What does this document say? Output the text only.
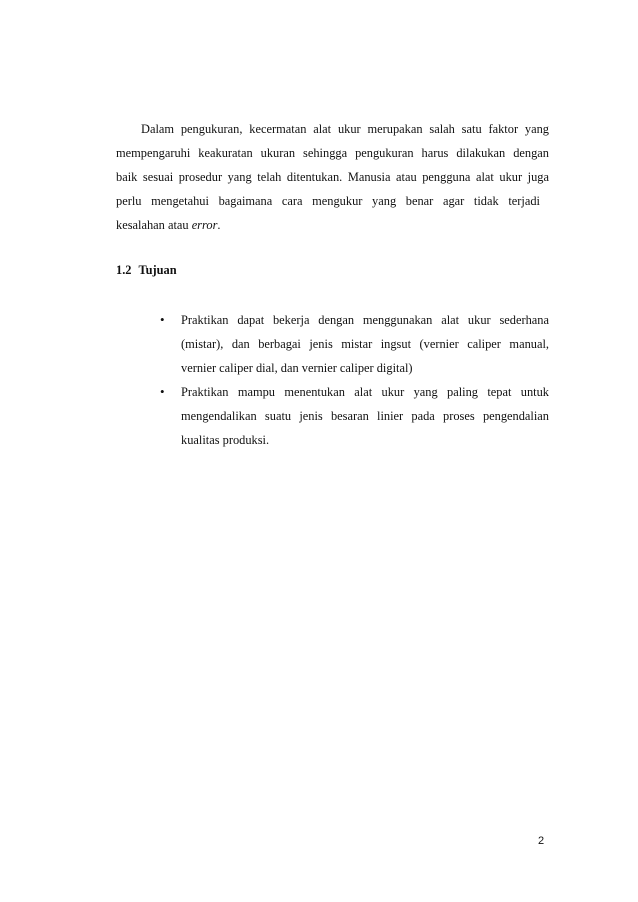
Dalam pengukuran, kecermatan alat ukur merupakan salah satu faktor yang
mempengaruhi keakuratan ukuran sehingga pengukuran harus dilakukan dengan
baik sesuai prosedur yang telah ditentukan. Manusia atau pengguna alat ukur juga
perlu mengetahui bagaimana cara mengukur yang benar agar tidak terjadi
kesalahan atau error.
1.2 Tujuan
• Praktikan dapat bekerja dengan menggunakan alat ukur sederhana
(mistar), dan berbagai jenis mistar ingsut (vernier caliper manual,
vernier caliper dial, dan vernier caliper digital)
• Praktikan mampu menentukan alat ukur yang paling tepat untuk
mengendalikan suatu jenis besaran linier pada proses pengendalian
kualitas produksi.
2
